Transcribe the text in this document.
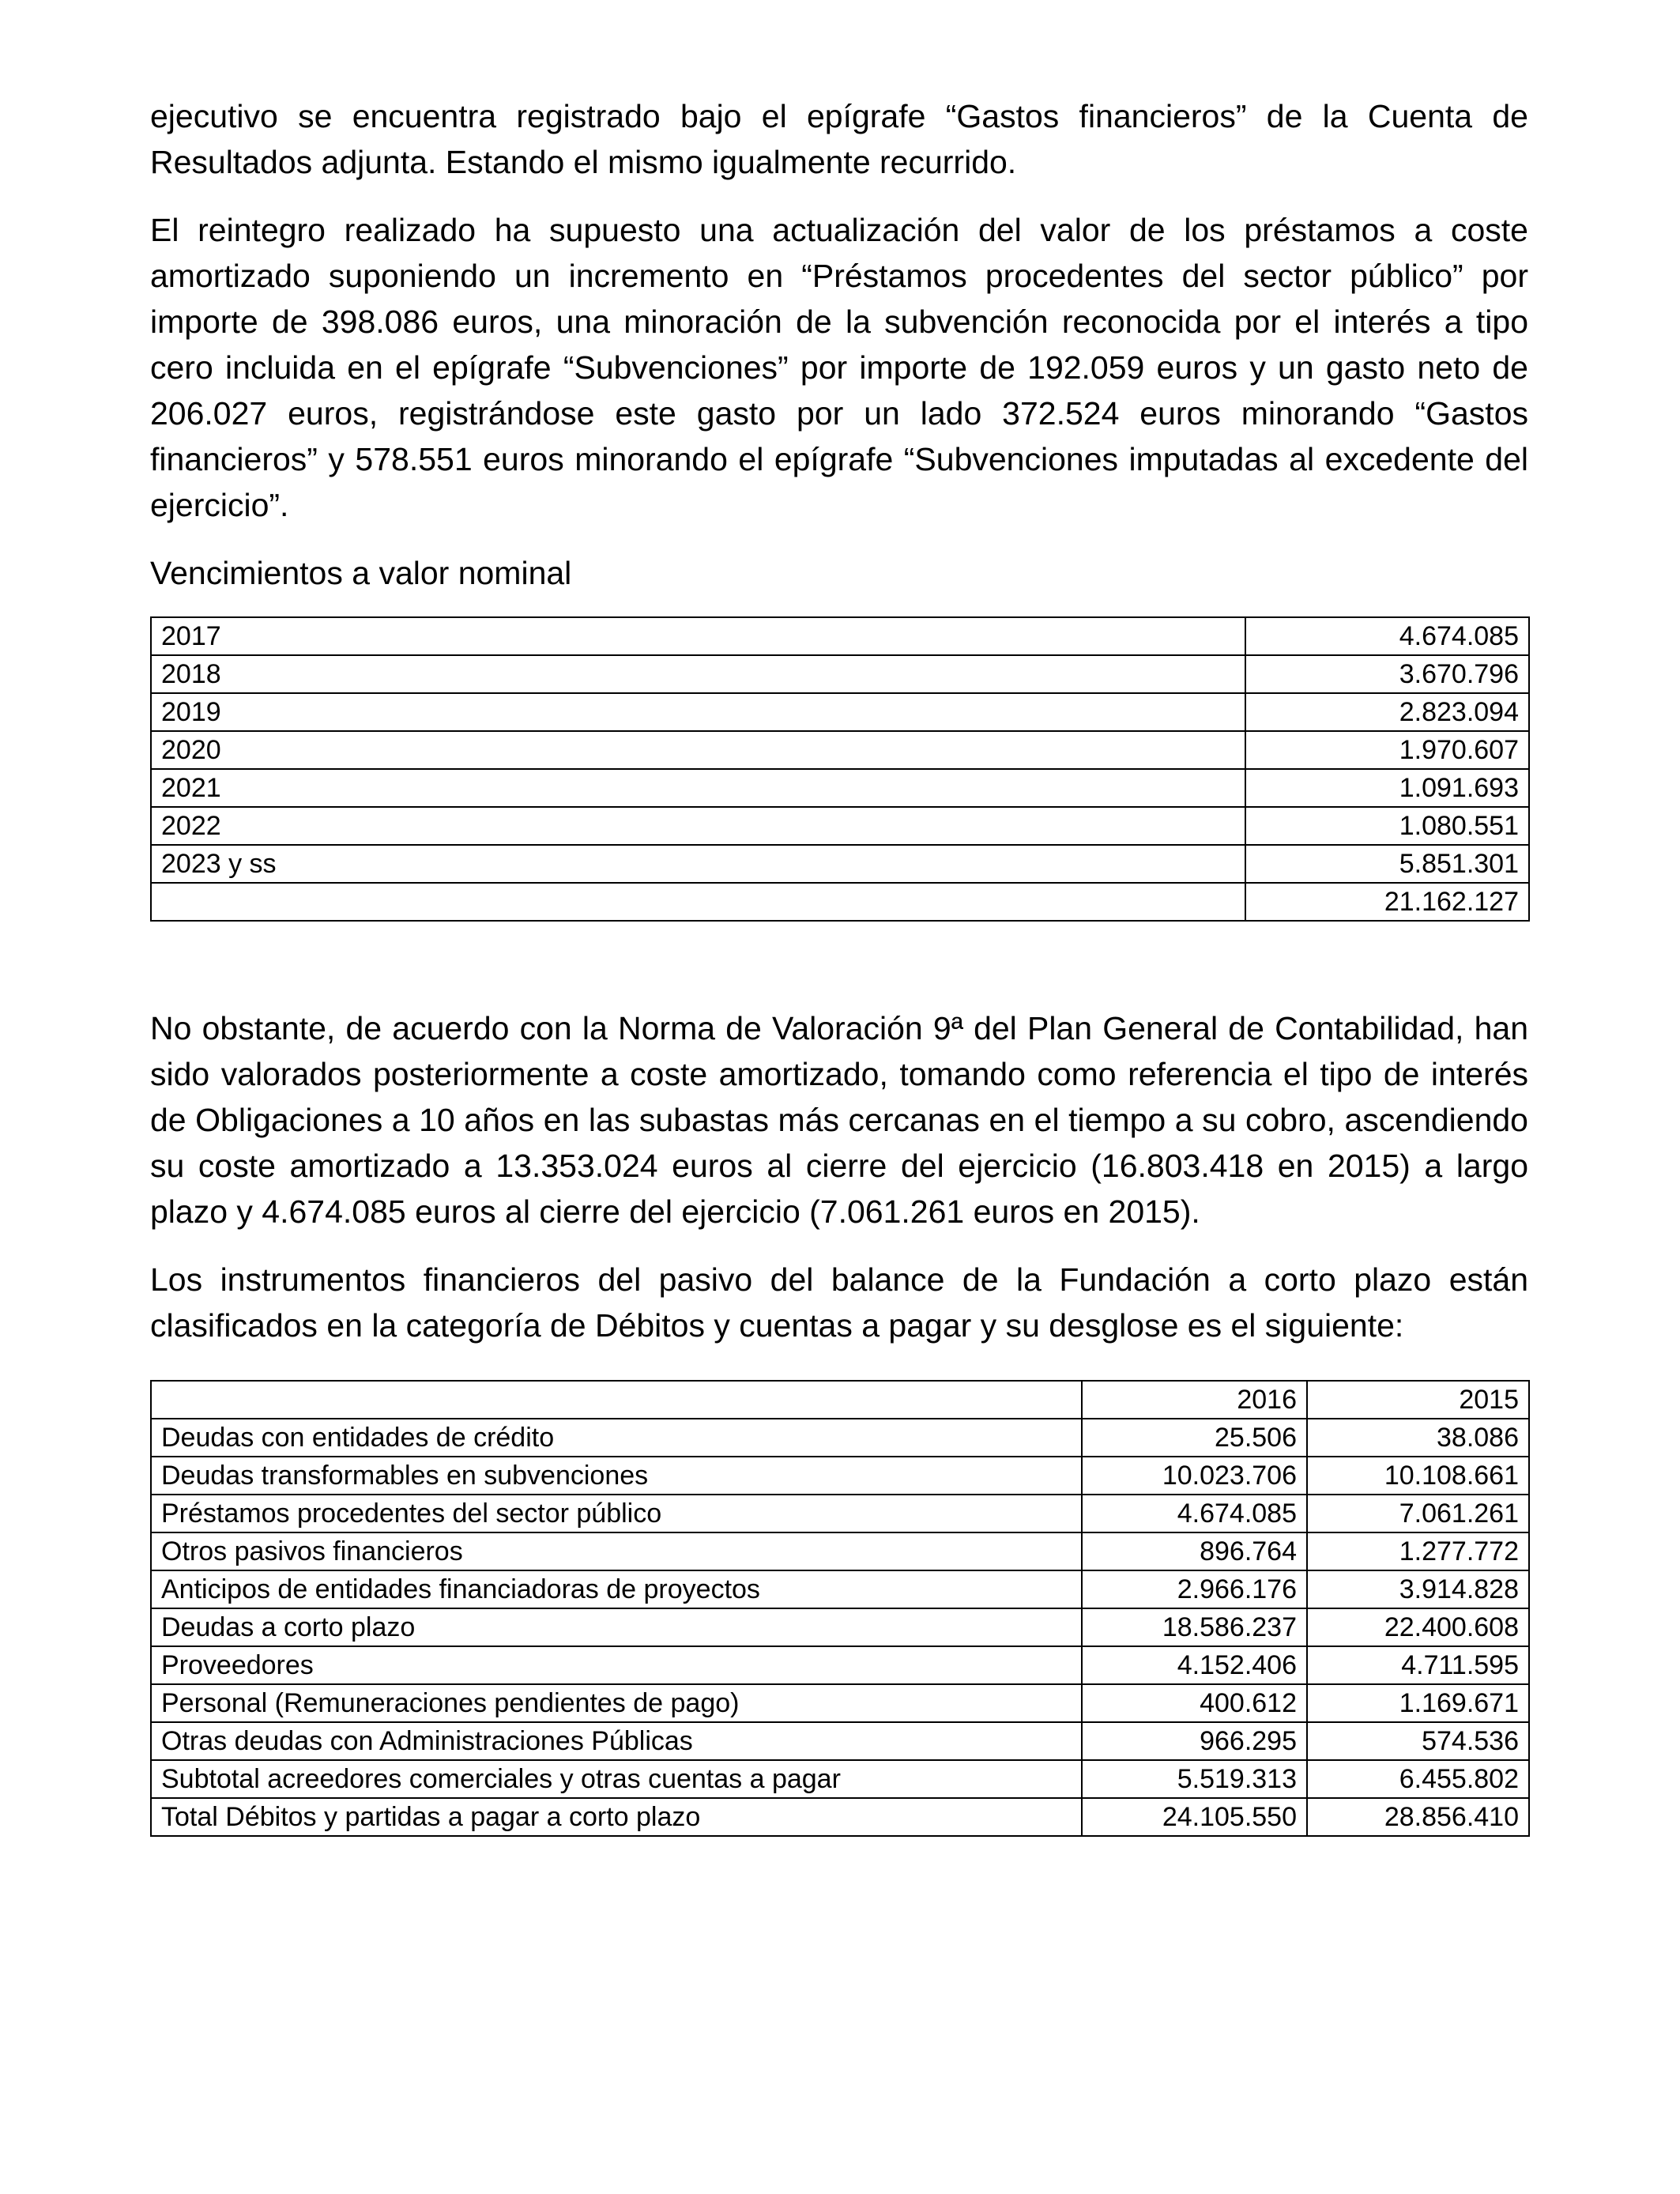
ejecutivo se encuentra registrado bajo el epígrafe “Gastos financieros” de la Cuenta de Resultados adjunta. Estando el mismo igualmente recurrido.

El reintegro realizado ha supuesto una actualización del valor de los préstamos a coste amortizado suponiendo un incremento en “Préstamos procedentes del sector público” por importe de 398.086 euros, una minoración de la subvención reconocida por el interés a tipo cero incluida en el epígrafe “Subvenciones” por importe de 192.059 euros y un gasto neto de 206.027 euros, registrándose este gasto por un lado 372.524 euros minorando “Gastos financieros” y 578.551 euros minorando el epígrafe “Subvenciones imputadas al excedente del ejercicio”.

Vencimientos a valor nominal

2017	4.674.085
2018	3.670.796
2019	2.823.094
2020	1.970.607
2021	1.091.693
2022	1.080.551
2023 y ss	5.851.301
	21.162.127

No obstante, de acuerdo con la Norma de Valoración 9ª del Plan General de Contabilidad, han sido valorados posteriormente a coste amortizado, tomando como referencia el tipo de interés de Obligaciones a 10 años en las subastas más cercanas en el tiempo a su cobro, ascendiendo su coste amortizado a 13.353.024 euros al cierre del ejercicio (16.803.418 en 2015) a largo plazo y 4.674.085 euros al cierre del ejercicio (7.061.261 euros en 2015).

Los instrumentos financieros del pasivo del balance de la Fundación a corto plazo están clasificados en la categoría de Débitos y cuentas a pagar y su desglose es el siguiente:

	2016	2015
Deudas con entidades de crédito	25.506	38.086
Deudas transformables en subvenciones	10.023.706	10.108.661
Préstamos procedentes del sector público	4.674.085	7.061.261
Otros pasivos financieros	896.764	1.277.772
Anticipos de entidades financiadoras de proyectos	2.966.176	3.914.828
Deudas a corto plazo	18.586.237	22.400.608
Proveedores	4.152.406	4.711.595
Personal (Remuneraciones pendientes de pago)	400.612	1.169.671
Otras deudas con Administraciones Públicas	966.295	574.536
Subtotal acreedores comerciales y otras cuentas a pagar	5.519.313	6.455.802
Total Débitos y partidas a pagar a corto plazo	24.105.550	28.856.410
